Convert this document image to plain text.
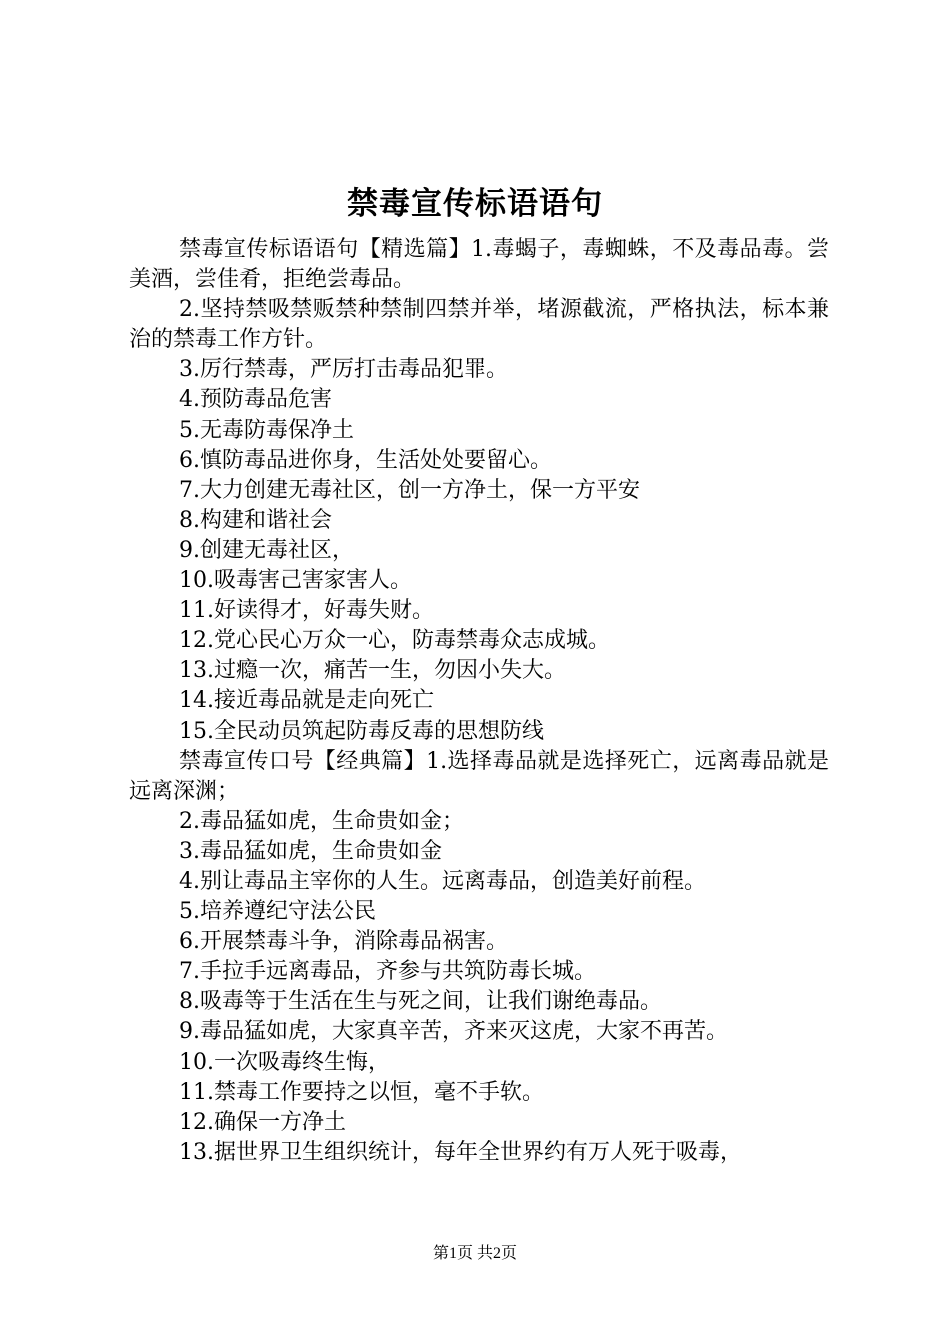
禁毒宣传标语语句

禁毒宣传标语语句【精选篇】1.毒蝎子，毒蜘蛛，不及毒品毒。尝美酒，尝佳肴，拒绝尝毒品。

2.坚持禁吸禁贩禁种禁制四禁并举，堵源截流，严格执法，标本兼治的禁毒工作方针。

3.厉行禁毒，严厉打击毒品犯罪。

4.预防毒品危害

5.无毒防毒保净土

6.慎防毒品进你身，生活处处要留心。

7.大力创建无毒社区，创一方净土，保一方平安

8.构建和谐社会

9.创建无毒社区，

10.吸毒害己害家害人。

11.好读得才，好毒失财。

12.党心民心万众一心，防毒禁毒众志成城。

13.过瘾一次，痛苦一生，勿因小失大。

14.接近毒品就是走向死亡

15.全民动员筑起防毒反毒的思想防线

禁毒宣传口号【经典篇】1.选择毒品就是选择死亡，远离毒品就是远离深渊；

2.毒品猛如虎，生命贵如金；

3.毒品猛如虎，生命贵如金

4.别让毒品主宰你的人生。远离毒品，创造美好前程。

5.培养遵纪守法公民

6.开展禁毒斗争，消除毒品祸害。

7.手拉手远离毒品，齐参与共筑防毒长城。

8.吸毒等于生活在生与死之间，让我们谢绝毒品。

9.毒品猛如虎，大家真辛苦，齐来灭这虎，大家不再苦。

10.一次吸毒终生悔，

11.禁毒工作要持之以恒，毫不手软。

12.确保一方净土

13.据世界卫生组织统计，每年全世界约有万人死于吸毒，

第1页 共2页
